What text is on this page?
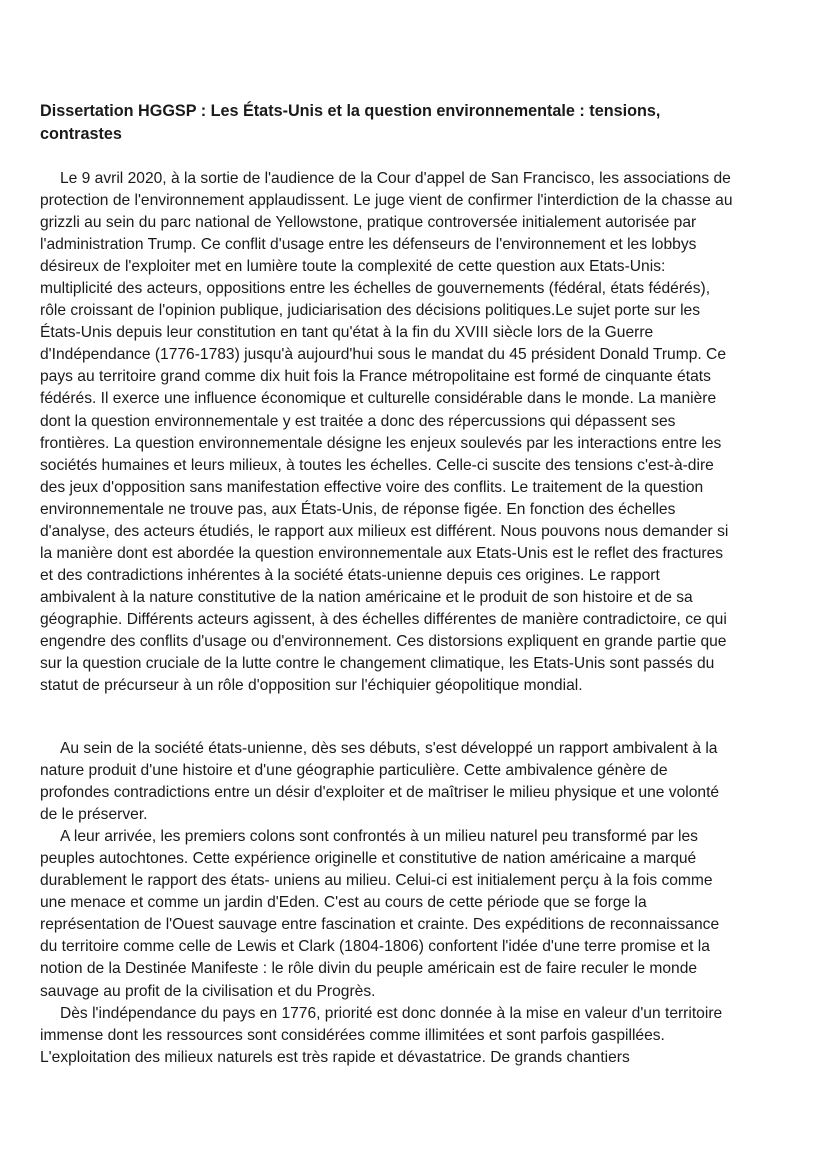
Dissertation HGGSP : Les États-Unis et la question environnementale : tensions,
contrastes
Le 9 avril 2020, à la sortie de l'audience de la Cour d'appel de San Francisco, les associations de
protection de l'environnement applaudissent. Le juge vient de confirmer l'interdiction de la chasse au
grizzli au sein du parc national de Yellowstone, pratique controversée initialement autorisée par
l'administration Trump. Ce conflit d'usage entre les défenseurs de l'environnement et les lobbys
désireux de l'exploiter met en lumière toute la complexité de cette question aux Etats-Unis:
multiplicité des acteurs, oppositions entre les échelles de gouvernements (fédéral, états fédérés),
rôle croissant de l'opinion publique, judiciarisation des décisions politiques.Le sujet porte sur les
États-Unis depuis leur constitution en tant qu'état à la fin du XVIII siècle lors de la Guerre
d'Indépendance (1776-1783) jusqu'à aujourd'hui sous le mandat du 45 président Donald Trump. Ce
pays au territoire grand comme dix huit fois la France métropolitaine est formé de cinquante états
fédérés. Il exerce une influence économique et culturelle considérable dans le monde. La manière
dont la question environnementale y est traitée a donc des répercussions qui dépassent ses
frontières. La question environnementale désigne les enjeux soulevés par les interactions entre les
sociétés humaines et leurs milieux, à toutes les échelles. Celle-ci suscite des tensions c'est-à-dire
des jeux d'opposition sans manifestation effective voire des conflits. Le traitement de la question
environnementale ne trouve pas, aux États-Unis, de réponse figée. En fonction des échelles
d'analyse, des acteurs étudiés, le rapport aux milieux est différent. Nous pouvons nous demander si
la manière dont est abordée la question environnementale aux Etats-Unis est le reflet des fractures
et des contradictions inhérentes à la société états-unienne depuis ces origines. Le rapport
ambivalent à la nature constitutive de la nation américaine et le produit de son histoire et de sa
géographie. Différents acteurs agissent, à des échelles différentes de manière contradictoire, ce qui
engendre des conflits d'usage ou d'environnement. Ces distorsions expliquent en grande partie que
sur la question cruciale de la lutte contre le changement climatique, les Etats-Unis sont passés du
statut de précurseur à un rôle d'opposition sur l'échiquier géopolitique mondial.
Au sein de la société états-unienne, dès ses débuts, s'est développé un rapport ambivalent à la
nature produit d'une histoire et d'une géographie particulière. Cette ambivalence génère de
profondes contradictions entre un désir d'exploiter et de maîtriser le milieu physique et une volonté
de le préserver.
A leur arrivée, les premiers colons sont confrontés à un milieu naturel peu transformé par les
peuples autochtones. Cette expérience originelle et constitutive de nation américaine a marqué
durablement le rapport des états- uniens au milieu. Celui-ci est initialement perçu à la fois comme
une menace et comme un jardin d'Eden. C'est au cours de cette période que se forge la
représentation de l'Ouest sauvage entre fascination et crainte. Des expéditions de reconnaissance
du territoire comme celle de Lewis et Clark (1804-1806) confortent l'idée d'une terre promise et la
notion de la Destinée Manifeste : le rôle divin du peuple américain est de faire reculer le monde
sauvage au profit de la civilisation et du Progrès.
Dès l'indépendance du pays en 1776, priorité est donc donnée à la mise en valeur d'un territoire
immense dont les ressources sont considérées comme illimitées et sont parfois gaspillées.
L'exploitation des milieux naturels est très rapide et dévastatrice. De grands chantiers
